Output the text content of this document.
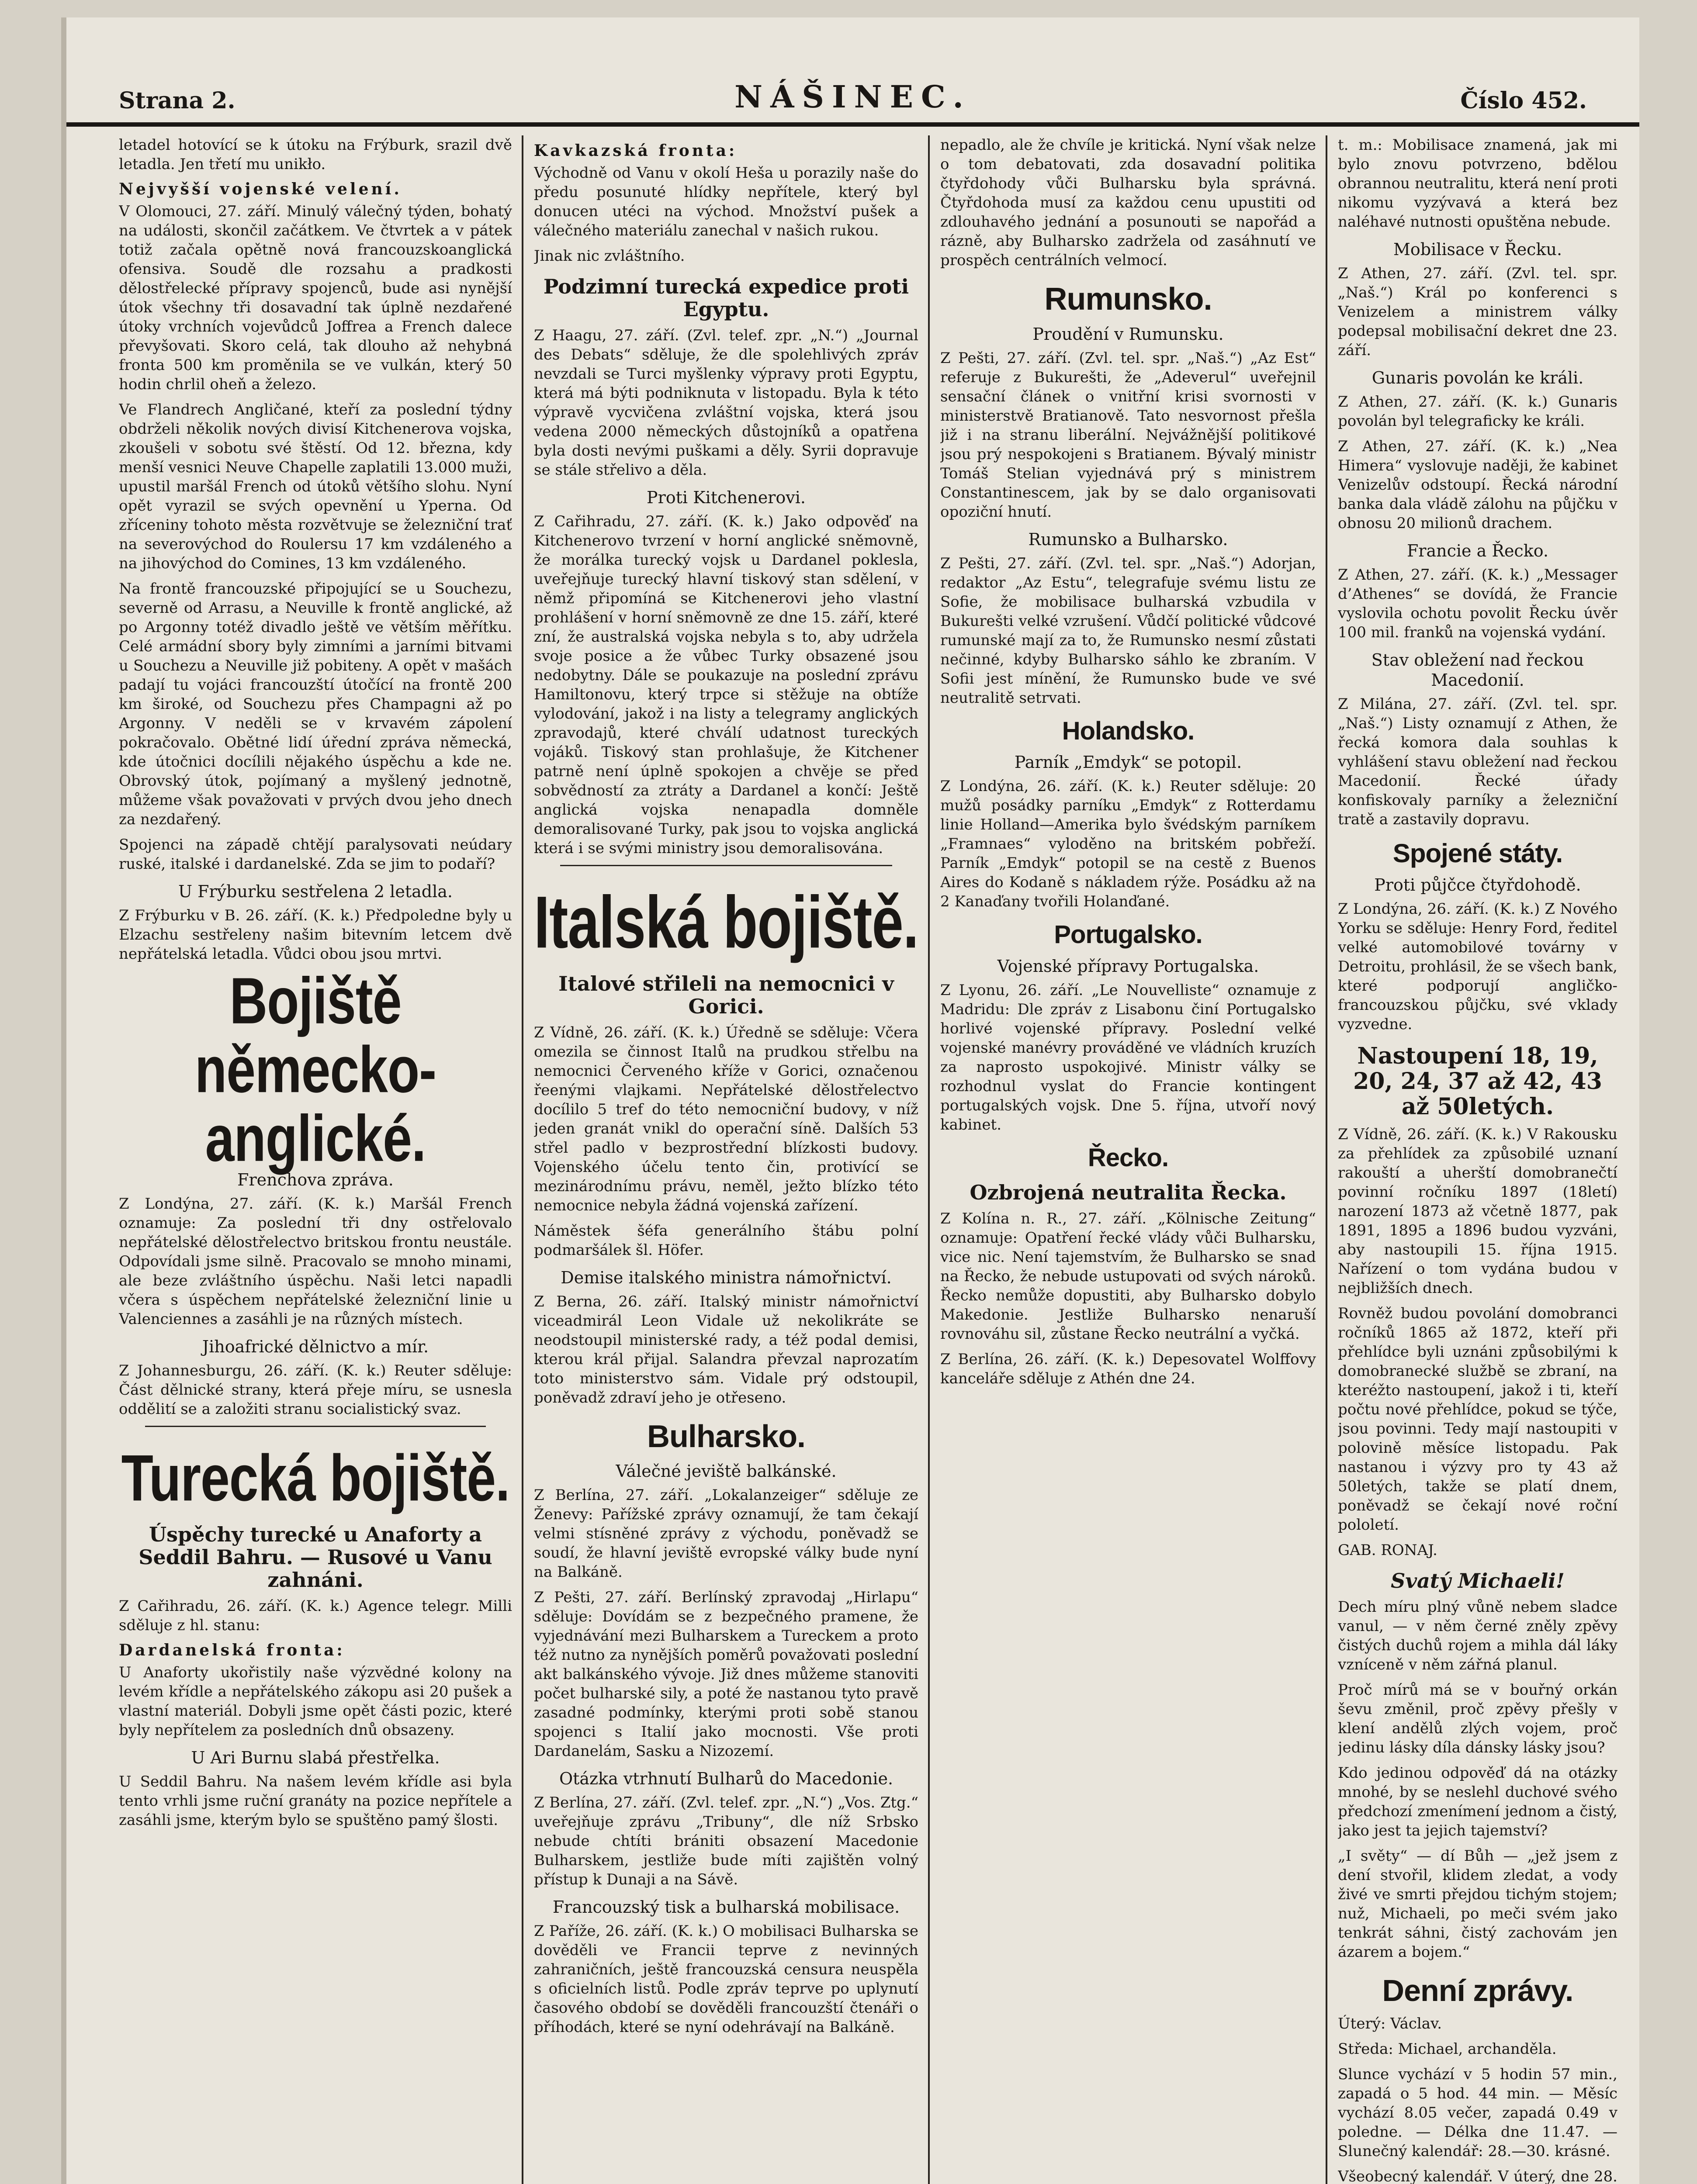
Strana 2.	NÁŠINEC.	Číslo 452.

letadel hotovící se k útoku na Frýburk, srazil dvě letadla. Jen třetí mu unikło.

Nejvyšší vojenské velení.

V Olomouci, 27. září. Minulý válečný týden, bohatý na události, skončil začátkem. Ve čtvrtek a v pátek totiž začala opětně nová francouzskoanglická ofensiva. Soudě dle rozsahu a pradkosti dělostřelecké přípravy spojenců, bude asi nynější útok všechny tři dosavadní tak úplně nezdařené útoky vrchních vojevůdců Joffrea a French dalece převyšovati. Skoro celá, tak dlouho až nehybná fronta 500 km proměnila se ve vulkán, který 50 hodin chrlil oheň a železo.

Ve Flandrech Angličané, kteří za poslední týdny obdrželi několik nových divisí Kitchenerova vojska, zkoušeli v sobotu své štěstí. Od 12. března, kdy menší vesnici Neuve Chapelle zaplatili 13.000 muži, upustil maršál French od útoků většího slohu. Nyní opět vyrazil se svých opevnění u Yperna. Od zříceniny tohoto města rozvětvuje se železniční trať na severovýchod do Roulersu 17 km vzdáleného a na jihovýchod do Comines, 13 km vzdáleného.

Na frontě francouzské připojující se u Souchezu, severně od Arrasu, a Neuville k frontě anglické, až po Argonny totéž divadlo ještě ve větším měřítku. Celé armádní sbory byly zimními a jarními bitvami u Souchezu a Neuville již pobiteny. A opět v mašách padají tu vojáci francouzští útočící na frontě 200 km široké, od Souchezu přes Champagni až po Argonny. V neděli se v krvavém zápolení pokračovalo. Obětné lidí úřední zpráva německá, kde útočnici docílili nějakého úspěchu a kde ne. Obrovský útok, pojímaný a myšlený jednotně, můžeme však považovati v prvých dvou jeho dnech za nezdařený.

Spojenci na západě chtějí paralysovati neúdary ruské, italské i dardanelské. Zda se jim to podaří?

U Frýburku sestřelena 2 letadla.

Z Frýburku v B. 26. září. (K. k.) Předpoledne byly u Elzachu sestřeleny našim bitevním letcem dvě nepřátelská letadla. Vůdci obou jsou mrtvi.

Bojiště německo-anglické.
Frenchova zpráva.

Z Londýna, 27. září. (K. k.) Maršál French oznamuje: Za poslední tři dny ostřelovalo nepřátelské dělostřelectvo britskou frontu neustále. Odpovídali jsme silně. Pracovalo se mnoho minami, ale beze zvláštního úspěchu. Naši letci napadli včera s úspěchem nepřátelské železniční linie u Valenciennes a zasáhli je na různých místech.

Jihoafrické dělnictvo a mír.

Z Johannesburgu, 26. září. (K. k.) Reuter sděluje: Část dělnické strany, která přeje míru, se usnesla oddělití se a založiti stranu socialistický svaz.

Turecká bojiště.
Úspěchy turecké u Anaforty a Seddil Bahru. — Rusové u Vanu zahnáni.

Z Cařihradu, 26. září. (K. k.) Agence telegr. Milli sděluje z hl. stanu:

Dardanelská fronta:

U Anaforty ukořistily naše výzvědné kolony na levém křídle a nepřátelského zákopu asi 20 pušek a vlastní materiál. Dobyli jsme opět části pozic, které byly nepřítelem za posledních dnů obsazeny.

U Ari Burnu slabá přestřelka.

U Seddil Bahru. Na našem levém křídle asi byla tento vrhli jsme ruční granáty na pozice nepřítele a zasáhli jsme, kterým bylo se spuštěno pamý šlosti.

Kavkazská fronta:

Východně od Vanu v okolí Heša u porazily naše do předu posunuté hlídky nepřítele, který byl donucen utéci na východ. Množství pušek a válečného materiálu zanechal v našich rukou.

Jinak nic zvláštního.

Podzimní turecká expedice proti Egyptu.

Z Haagu, 27. září. (Zvl. telef. zpr. „N.“) „Journal des Debats“ sděluje, že dle spolehlivých zpráv nevzdali se Turci myšlenky výpravy proti Egyptu, která má býti podniknuta v listopadu. Byla k této výpravě vycvičena zvláštní vojska, která jsou vedena 2000 německých důstojníků a opatřena byla dosti nevými puškami a děly. Syrii dopravuje se stále střelivo a děla.

Proti Kitchenerovi.

Z Cařihradu, 27. září. (K. k.) Jako odpověď na Kitchenerovo tvrzení v horní anglické sněmovně, že morálka turecký vojsk u Dardanel poklesla, uveřejňuje turecký hlavní tiskový stan sdělení, v němž připomíná se Kitchenerovi jeho vlastní prohlášení v horní sněmovně ze dne 15. září, které zní, že australská vojska nebyla s to, aby udržela svoje posice a že vůbec Turky obsazené jsou nedobytny. Dále se poukazuje na poslední zprávu Hamiltonovu, který trpce si stěžuje na obtíže vylodování, jakož i na listy a telegramy anglických zpravodajů, které chválí udatnost tureckých vojáků. Tiskový stan prohlašuje, že Kitchener patrně není úplně spokojen a chvěje se před sobvědností za ztráty a Dardanel a končí: Ještě anglická vojska nenapadla domněle demoralisované Turky, pak jsou to vojska anglická která i se svými ministry jsou demoralisována.

Italská bojiště.
Italové střileli na nemocnici v Gorici.

Z Vídně, 26. září. (K. k.) Úředně se sděluje: Včera omezila se činnost Italů na prudkou střelbu na nemocnici Červeného kříže v Gorici, označenou řeenými vlajkami. Nepřátelské dělostřelectvo docílilo 5 tref do této nemocniční budovy, v níž jeden granát vnikl do operační síně. Dalších 53 střel padlo v bezprostřední blízkosti budovy. Vojenského účelu tento čin, protivící se mezinárodnímu právu, neměl, ježto blízko této nemocnice nebyla žádná vojenská zařízení.

Náměstek šéfa generálního štábu polní podmaršálek šl. Höfer.

Demise italského ministra námořnictví.

Z Berna, 26. září. Italský ministr námořnictví viceadmirál Leon Vidale už nekolikráte se neodstoupil ministerské rady, a též podal demisi, kterou král přijal. Salandra převzal naprozatím toto ministerstvo sám. Vidale prý odstoupil, poněvadž zdraví jeho je otřeseno.

Bulharsko.
Válečné jeviště balkánské.

Z Berlína, 27. září. „Lokalanzeiger“ sděluje ze Ženevy: Pařížské zprávy oznamují, že tam čekají velmi stísněné zprávy z východu, poněvadž se soudí, že hlavní jeviště evropské války bude nyní na Balkáně.

Z Pešti, 27. září. Berlínský zpravodaj „Hirlapu“ sděluje: Dovídám se z bezpečného pramene, že vyjednávání mezi Bulharskem a Tureckem a proto též nutno za nynějších poměrů považovati poslední akt balkánského vývoje. Již dnes můžeme stanoviti počet bulharské sily, a poté že nastanou tyto pravě zasadné podmínky, kterými proti sobě stanou spojenci s Italií jako mocnosti. Vše proti Dardanelám, Sasku a Nizozemí.

Otázka vtrhnutí Bulharů do Macedonie.

Z Berlína, 27. září. (Zvl. telef. zpr. „N.“) „Vos. Ztg.“ uveřejňuje zprávu „Tribuny“, dle níž Srbsko nebude chtíti brániti obsazení Macedonie Bulharskem, jestliže bude míti zajištěn volný přístup k Dunaji a na Sávě.

Francouzský tisk a bulharská mobilisace.

Z Paříže, 26. září. (K. k.) O mobilisaci Bulharska se dověděli ve Francii teprve z nevinných zahraničních, ještě francouzská censura neuspěla s oficielních listů. Podle zpráv teprve po uplynutí časového období se dověděli francouzští čtenáři o příhodách, které se nyní odehrávají na Balkáně.

nepadlo, ale že chvíle je kritická. Nyní však nelze o tom debatovati, zda dosavadní politika čtyřdohody vůči Bulharsku byla správná. Čtyřdohoda musí za každou cenu upustiti od zdlouhavého jednání a posunouti se napořád a rázně, aby Bulharsko zadržela od zasáhnutí ve prospěch centrálních velmocí.

Rumunsko.
Proudění v Rumunsku.

Z Pešti, 27. září. (Zvl. tel. spr. „Naš.“) „Az Est“ referuje z Bukurešti, že „Adeverul“ uveřejnil sensační článek o vnitřní krisi svornosti v ministerstvě Bratianově. Tato nesvornost přešla již i na stranu liberální. Nejvážnější politikové jsou prý nespokojeni s Bratianem. Bývalý ministr Tomáš Stelian vyjednává prý s ministrem Constantinescem, jak by se dalo organisovati opoziční hnutí.

Rumunsko a Bulharsko.

Z Pešti, 27. září. (Zvl. tel. spr. „Naš.“) Adorjan, redaktor „Az Estu“, telegrafuje svému listu ze Sofie, že mobilisace bulharská vzbudila v Bukurešti velké vzrušení. Vůdčí politické vůdcové rumunské mají za to, že Rumunsko nesmí zůstati nečinné, kdyby Bulharsko sáhlo ke zbraním. V Sofii jest mínění, že Rumunsko bude ve své neutralitě setrvati.

Holandsko.
Parník „Emdyk“ se potopil.

Z Londýna, 26. září. (K. k.) Reuter sděluje: 20 mužů posádky parníku „Emdyk“ z Rotterdamu linie Holland—Amerika bylo švédským parníkem „Framnaes“ vyloděno na britském pobřeží. Parník „Emdyk“ potopil se na cestě z Buenos Aires do Kodaně s nákladem rýže. Posádku až na 2 Kanaďany tvořili Holanďané.

Portugalsko.
Vojenské přípravy Portugalska.

Z Lyonu, 26. září. „Le Nouvelliste“ oznamuje z Madridu: Dle zpráv z Lisabonu činí Portugalsko horlivé vojenské přípravy. Poslední velké vojenské manévry prováděné ve vládních kruzích za naprosto uspokojivé. Ministr války se rozhodnul vyslat do Francie kontingent portugalských vojsk. Dne 5. října, utvoří nový kabinet.

Řecko.
Ozbrojená neutralita Řecka.

Z Kolína n. R., 27. září. „Kölnische Zeitung“ oznamuje: Opatření řecké vlády vůči Bulharsku, vice nic. Není tajemstvím, že Bulharsko se snad na Řecko, že nebude ustupovati od svých nároků. Řecko nemůže dopustiti, aby Bulharsko dobylo Makedonie. Jestliže Bulharsko nenaruší rovnováhu sil, zůstane Řecko neutrální a vyčká.

Z Berlína, 26. září. (K. k.) Depesovatel Wolffovy kanceláře sděluje z Athén dne 24.

t. m.: Mobilisace znamená, jak mi bylo znovu potvrzeno, bdělou obrannou neutralitu, která není proti nikomu vyzývavá a která bez naléhavé nutnosti opuštěna nebude.

Mobilisace v Řecku.

Z Athen, 27. září. (Zvl. tel. spr. „Naš.“) Král po konferenci s Venizelem a ministrem války podepsal mobilisační dekret dne 23. září.

Gunaris povolán ke králi.

Z Athen, 27. září. (K. k.) Gunaris povolán byl telegraficky ke králi.

Z Athen, 27. září. (K. k.) „Nea Himera“ vyslovuje naději, že kabinet Venizelův odstoupí. Řecká národní banka dala vládě zálohu na půjčku v obnosu 20 milionů drachem.

Francie a Řecko.

Z Athen, 27. září. (K. k.) „Messager d’Athenes“ se dovídá, že Francie vyslovila ochotu povolit Řecku úvěr 100 mil. franků na vojenská vydání.

Stav obležení nad řeckou Macedonií.

Z Milána, 27. září. (Zvl. tel. spr. „Naš.“) Listy oznamují z Athen, že řecká komora dala souhlas k vyhlášení stavu obležení nad řeckou Macedonií. Řecké úřady konfiskovaly parníky a železniční tratě a zastavily dopravu.

Spojené státy.
Proti půjčce čtyřdohodě.

Z Londýna, 26. září. (K. k.) Z Nového Yorku se sděluje: Henry Ford, ředitel velké automobilové továrny v Detroitu, prohlásil, že se všech bank, které podporují angličko-francouzskou půjčku, své vklady vyzvedne.

Nastoupení 18, 19, 20, 24, 37 až 42, 43 až 50letých.

Z Vídně, 26. září. (K. k.) V Rakousku za přehlídek za způsobilé uznaní rakouští a uherští domobranečtí povinní ročníku 1897 (18letí) narození 1873 až včetně 1877, pak 1891, 1895 a 1896 budou vyzváni, aby nastoupili 15. října 1915. Nařízení o tom vydána budou v nejbližších dnech.

Rovněž budou povolání domobranci ročníků 1865 až 1872, kteří při přehlídce byli uznáni způsobilými k domobranecké službě se zbraní, na kteréžto nastoupení, jakož i ti, kteří počtu nové přehlídce, pokud se týče, jsou povinni. Tedy mají nastoupiti v polovině měsíce listopadu. Pak nastanou i výzvy pro ty 43 až 50letých, takže se platí dnem, poněvadž se čekají nové roční pololetí.

GAB. RONAJ.

Svatý Michaeli!

Dech míru plný vůně nebem sladce vanul, — v něm černé zněly zpěvy čistých duchů rojem a mihla dál láky vzníceně v něm zářná planul.

Proč mírů má se v bouřný orkán ševu změnil, proč zpěvy přešly v klení andělů zlých vojem, proč jedinu lásky díla dánsky lásky jsou?

Kdo jedinou odpověď dá na otázky mnohé, by se neslehl duchové svého předchozí zmenímení jednom a čistý, jako jest ta jejich tajemství?

„I světy“ — dí Bůh — „jež jsem z dení stvořil, klidem zledat, a vody živé ve smrti přejdou tichým stojem; nuž, Michaeli, po meči svém jako tenkrát sáhni, čistý zachovám jen ázarem a bojem.“

Denní zprávy.

Úterý: Václav.

Středa: Michael, archanděla.

Slunce vychází v 5 hodin 57 min., zapadá o 5 hod. 44 min. — Měsíc vychází 8.05 večer, zapadá 0.49 v poledne. — Délka dne 11.47. — Slunečný kalendář: 28.—30. krásné.

Všeobecný kalendář. V úterý, dne 28.
